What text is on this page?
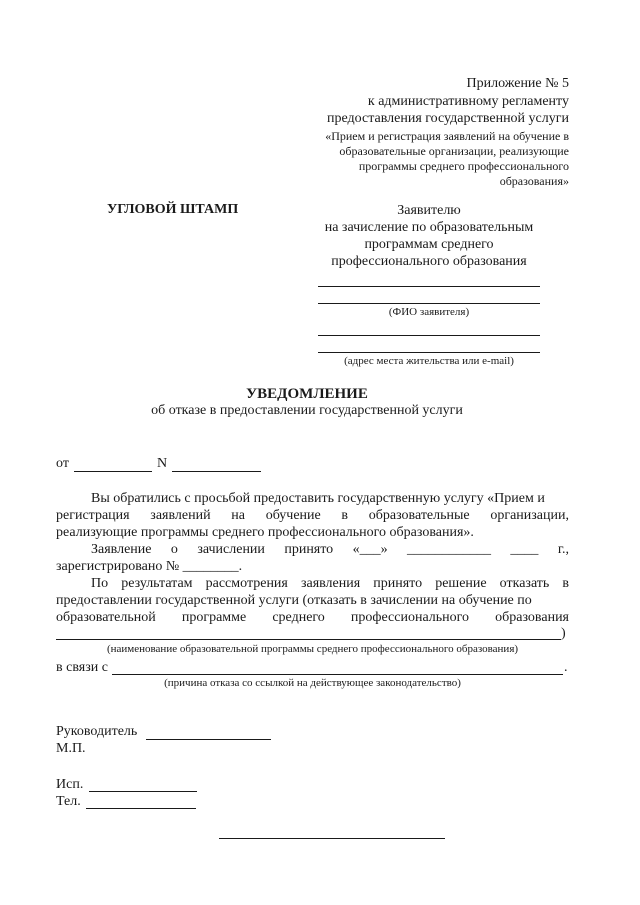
Приложение № 5
к административному регламенту
предоставления государственной услуги
«Прием и регистрация заявлений на обучение в
образовательные организации, реализующие
программы среднего профессионального
образования»
УГЛОВОЙ ШТАМП	Заявителю
на зачисление по образовательным
программам среднего
профессионального образования
(ФИО заявителя)
(адрес места жительства или e-mail)
УВЕДОМЛЕНИЕ
об отказе в предоставлении государственной услуги
от	N
Вы обратились с просьбой предоставить государственную услугу «Прием и
регистрация заявлений на обучение в образовательные организации,
реализующие программы среднего профессионального образования».
Заявление о зачислении принято «___» ____________ ____ г.,
зарегистрировано № ________.
По результатам рассмотрения заявления принято решение отказать в
предоставлении государственной услуги (отказать в зачислении на обучение по
образовательной программе среднего профессионального образования
)
(наименование образовательной программы среднего профессионального образования)
в связи с	.
(причина отказа со ссылкой на действующее законодательство)
Руководитель
М.П.
Исп.
Тел.
